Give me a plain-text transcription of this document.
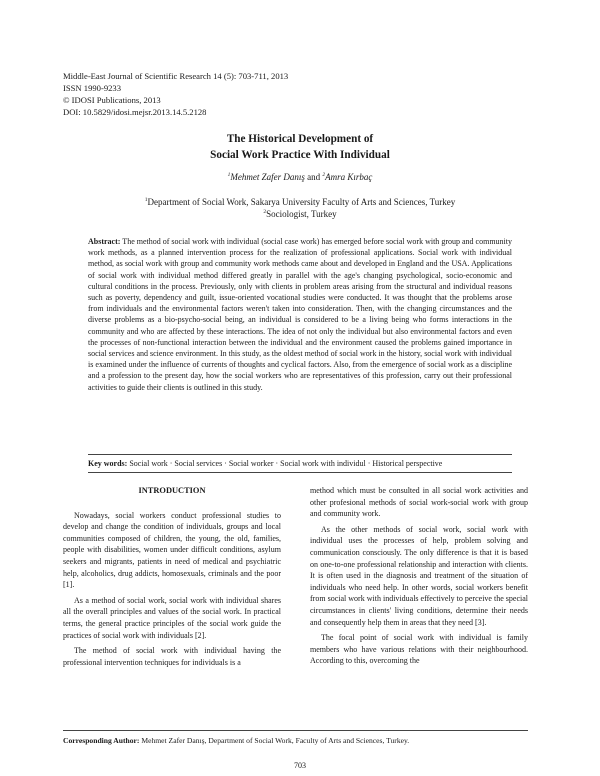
Middle-East Journal of Scientific Research 14 (5): 703-711, 2013
ISSN 1990-9233
© IDOSI Publications, 2013
DOI: 10.5829/idosi.mejsr.2013.14.5.2128
The Historical Development of
Social Work Practice With Individual
$^1$Mehmet Zafer Danış and $^2$Amra Kırbaç
$^1$Department of Social Work, Sakarya University Faculty of Arts and Sciences, Turkey
$^2$Sociologist, Turkey
Abstract: The method of social work with individual (social case work) has emerged before social work with group and community work methods, as a planned intervention process for the realization of professional applications. Social work with individual method, as social work with group and community work methods came about and developed in England and the USA. Applications of social work with individual method differed greatly in parallel with the age's changing psychological, socio-economic and cultural conditions in the process. Previously, only with clients in problem areas arising from the structural and individual reasons such as poverty, dependency and guilt, issue-oriented vocational studies were conducted. It was thought that the problems arose from individuals and the environmental factors weren't taken into consideration. Then, with the changing circumstances and the diverse problems as a bio-psycho-social being, an individual is considered to be a living being who forms interactions in the community and who are affected by these interactions. The idea of not only the individual but also environmental factors and even the processes of non-functional interaction between the individual and the environment caused the problems gained importance in social services and science environment. In this study, as the oldest method of social work in the history, social work with individual is examined under the influence of currents of thoughts and cyclical factors. Also, from the emergence of social work as a discipline and a profession to the present day, how the social workers who are representatives of this profession, carry out their professional activities to guide their clients is outlined in this study.
Key words: Social work · Social services · Social worker · Social work with individul · Historical perspective
INTRODUCTION

Nowadays, social workers conduct professional studies to develop and change the condition of individuals, groups and local communities composed of children, the young, the old, families, people with disabilities, women under difficult conditions, asylum seekers and migrants, patients in need of medical and psychiatric help, alcoholics, drug addicts, homosexuals, criminals and the poor [1].

As a method of social work, social work with individual shares all the overall principles and values of the social work. In practical terms, the general practice principles of the social work guide the practices of social work with individuals [2].

The method of social work with individual having the professional intervention techniques for individuals is a

method which must be consulted in all social work activities and other profesional methods of social work-social work with group and community work.

As the other methods of social work, social work with individual uses the processes of help, problem solving and communication consciously. The only difference is that it is based on one-to-one professional relationship and interaction with clients. It is often used in the diagnosis and treatment of the situation of individuals who need help. In other words, social workers benefit from social work with individuals effectively to perceive the special circumstances in clients' living conditions, determine their needs and consequently help them in areas that they need [3].

The focal point of social work with individual is family members who have various relations with their neighbourhood. According to this, overcoming the

Corresponding Author: Mehmet Zafer Danış, Department of Social Work, Faculty of Arts and Sciences, Turkey.
703
